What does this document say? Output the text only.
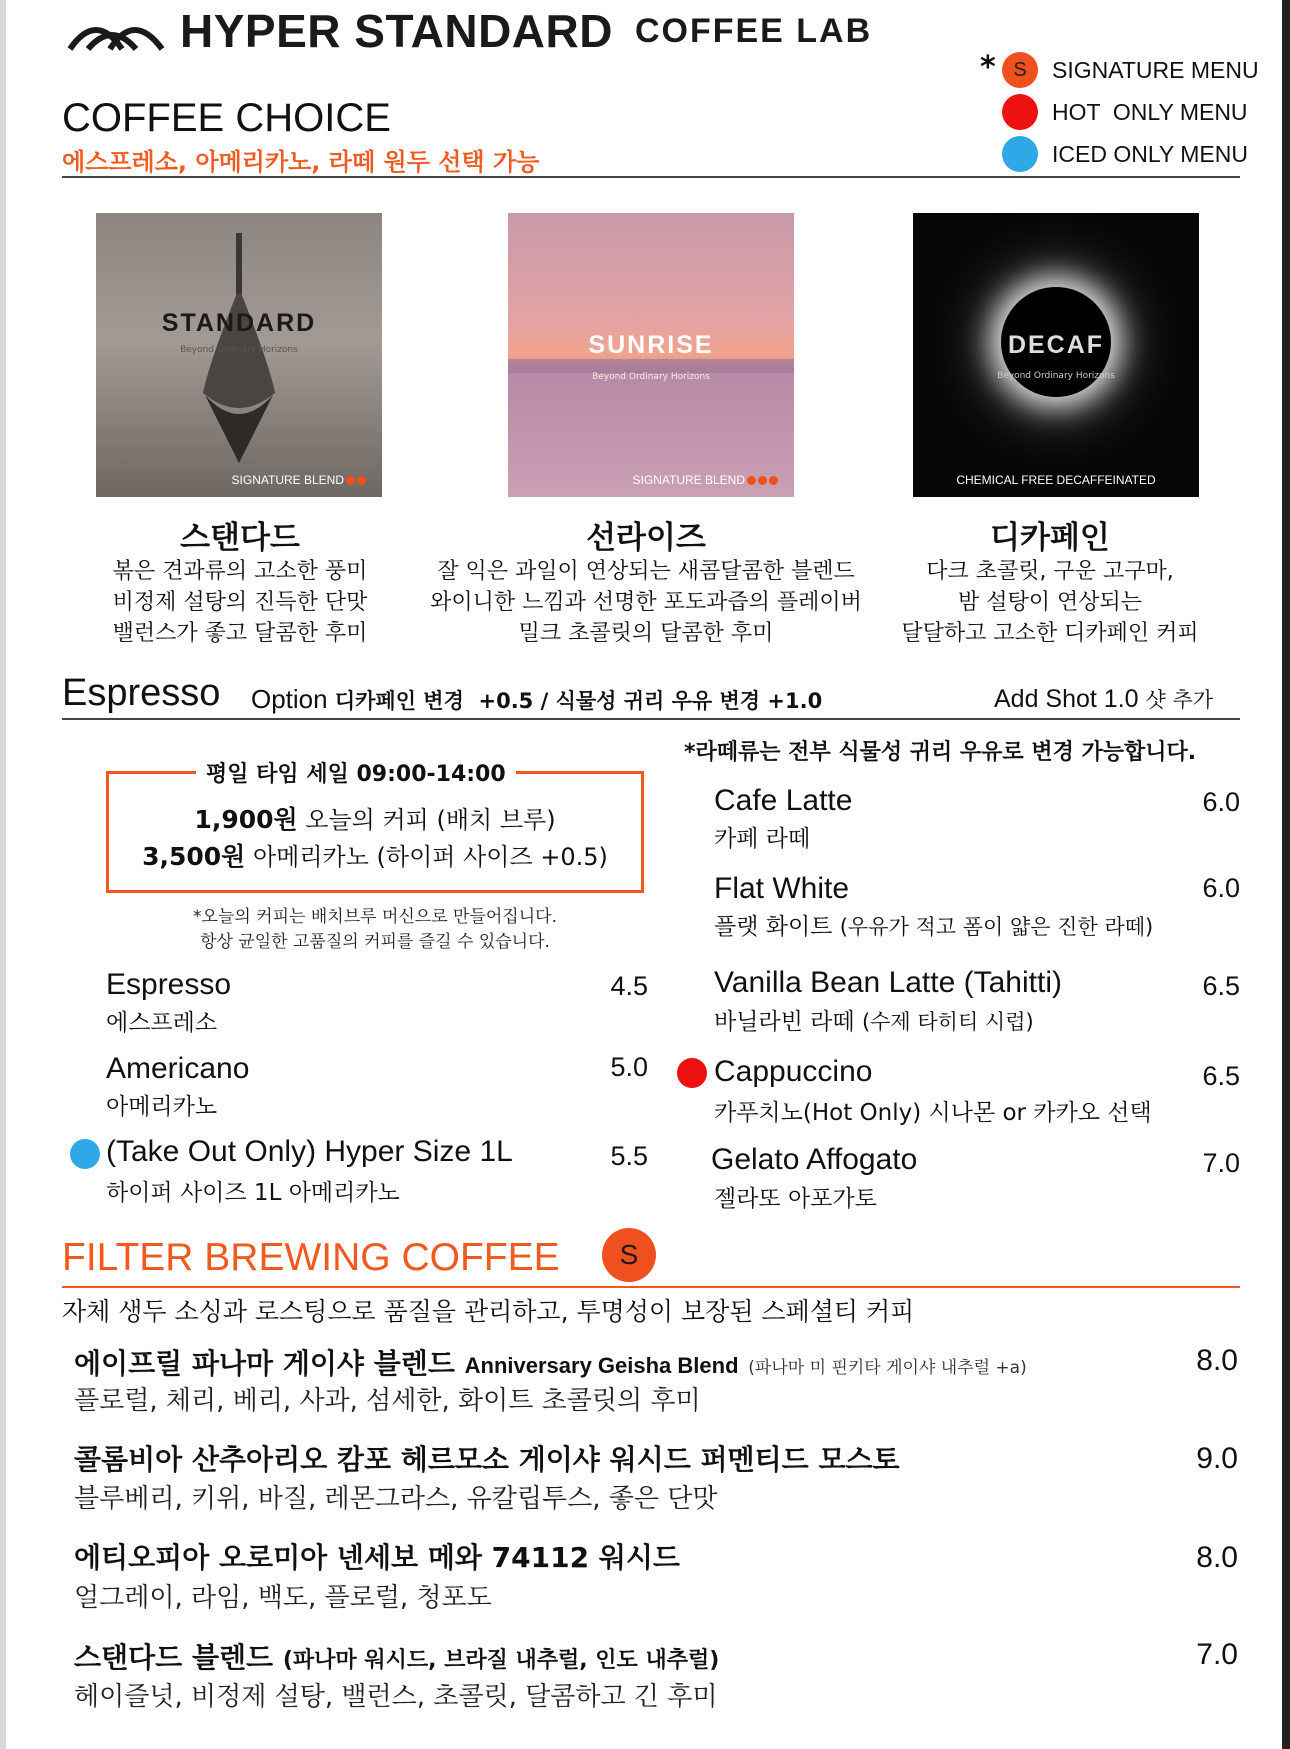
HYPER STANDARD COFFEE LAB
* S	SIGNATURE MENU
HOT  ONLY MENU
ICED ONLY MENU
COFFEE CHOICE
에스프레소, 아메리카노, 라떼 원두 선택 가능
STANDARD
Beyond Ordinary Horizons
SIGNATURE BLEND
SUNRISE
Beyond Ordinary Horizons
SIGNATURE BLEND
DECAF
Beyond Ordinary Horizons
CHEMICAL FREE DECAFFEINATED
스탠다드
볶은 견과류의 고소한 풍미
비정제 설탕의 진득한 단맛
밸런스가 좋고 달콤한 후미
선라이즈
잘 익은 과일이 연상되는 새콤달콤한 블렌드
와이니한 느낌과 선명한 포도과즙의 플레이버
밀크 초콜릿의 달콤한 후미
디카페인
다크 초콜릿, 구운 고구마,
밤 설탕이 연상되는
달달하고 고소한 디카페인 커피
Espresso Option 디카페인 변경  +0.5 / 식물성 귀리 우유 변경 +1.0	Add Shot 1.0 샷 추가
*라떼류는 전부 식물성 귀리 우유로 변경 가능합니다.
평일 타임 세일 09:00-14:00
1,900원 오늘의 커피 (배치 브루)
3,500원 아메리카노 (하이퍼 사이즈 +0.5)
*오늘의 커피는 배치브루 머신으로 만들어집니다.
항상 균일한 고품질의 커피를 즐길 수 있습니다.
Espresso
에스프레소
4.5
Americano
아메리카노
5.0
(Take Out Only) Hyper Size 1L
하이퍼 사이즈 1L 아메리카노
5.5
Cafe Latte
카페 라떼
6.0
Flat White
플랫 화이트 (우유가 적고 폼이 얇은 진한 라떼)
6.0
Vanilla Bean Latte (Tahitti)
바닐라빈 라떼 (수제 타히티 시럽)
6.5
Cappuccino
카푸치노(Hot Only) 시나몬 or 카카오 선택
6.5
Gelato Affogato
젤라또 아포가토
7.0
FILTER BREWING COFFEE	S
자체 생두 소싱과 로스팅으로 품질을 관리하고, 투명성이 보장된 스페셜티 커피
에이프릴 파나마 게이샤 블렌드 Anniversary Geisha Blend (파나마 미 핀키타 게이샤 내추럴 +a)
플로럴, 체리, 베리, 사과, 섬세한, 화이트 초콜릿의 후미
8.0
콜롬비아 산추아리오 캄포 헤르모소 게이샤 워시드 퍼멘티드 모스토
블루베리, 키위, 바질, 레몬그라스, 유칼립투스, 좋은 단맛
9.0
에티오피아 오로미아 넨세보 메와 74112 워시드
얼그레이, 라임, 백도, 플로럴, 청포도
8.0
스탠다드 블렌드 (파나마 워시드, 브라질 내추럴, 인도 내추럴)
헤이즐넛, 비정제 설탕, 밸런스, 초콜릿, 달콤하고 긴 후미
7.0
